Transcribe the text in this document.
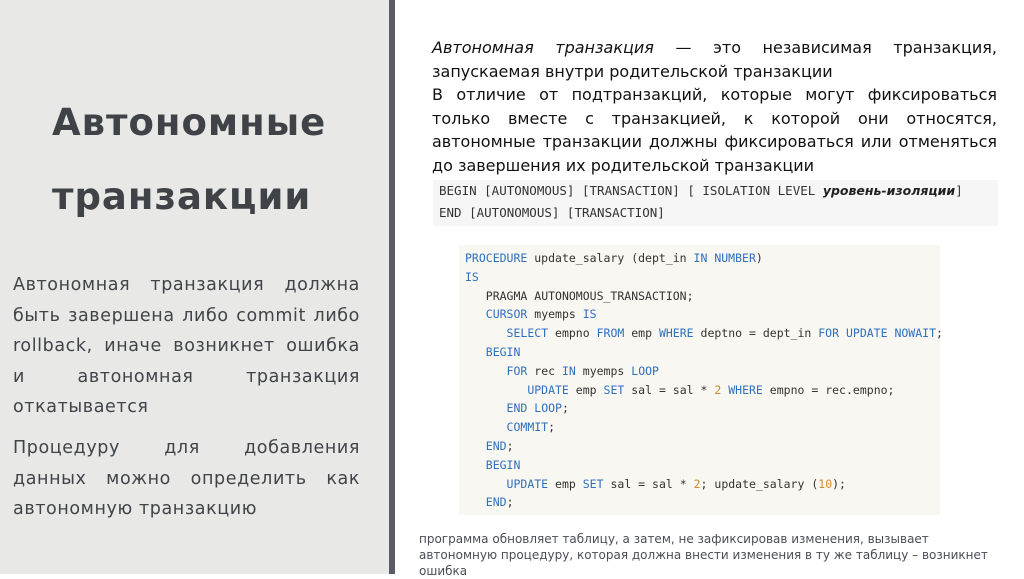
Автономные
транзакции

Автономная транзакция должна быть завершена либо commit либо rollback, иначе возникнет ошибка и автономная транзакция откатывается

Процедуру для добавления данных можно определить как автономную транзакцию

Автономная транзакция — это независимая транзакция, запускаемая внутри родительской транзакции

В отличие от подтранзакций, которые могут фиксироваться только вместе с транзакцией, к которой они относятся, автономные транзакции должны фиксироваться или отменяться до завершения их родительской транзакции

BEGIN [AUTONOMOUS] [TRANSACTION] [ ISOLATION LEVEL уровень-изоляции]
END [AUTONOMOUS] [TRANSACTION]
PROCEDURE update_salary (dept_in IN NUMBER)
IS
PRAGMA AUTONOMOUS_TRANSACTION;
CURSOR myemps IS
SELECT empno FROM emp WHERE deptno = dept_in FOR UPDATE NOWAIT;
BEGIN
FOR rec IN myemps LOOP
UPDATE emp SET sal = sal * 2 WHERE empno = rec.empno;
END LOOP;
COMMIT;
END;
BEGIN
UPDATE emp SET sal = sal * 2; update_salary (10);
END;

программа обновляет таблицу, а затем, не зафиксировав изменения, вызывает автономную процедуру, которая должна внести изменения в ту же таблицу – возникнет ошибка
